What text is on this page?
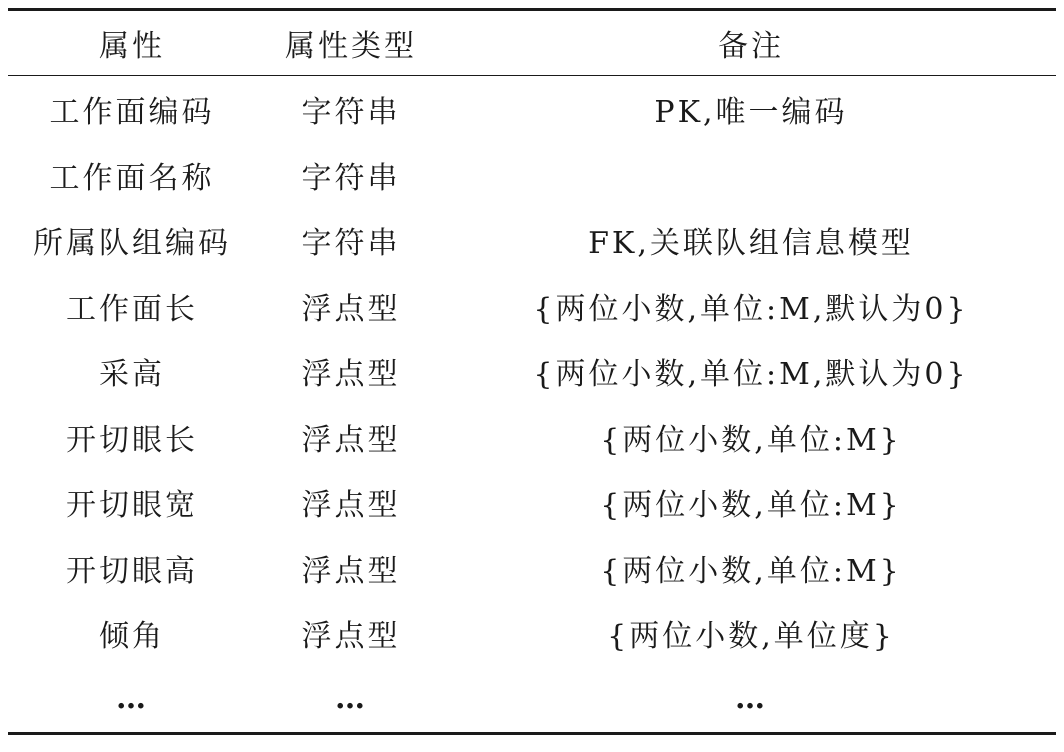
属性	属性类型	备注
工作面编码	字符串	PK,唯一编码
工作面名称	字符串	
所属队组编码	字符串	FK,关联队组信息模型
工作面长	浮点型	{两位小数,单位:M,默认为0}
采高	浮点型	{两位小数,单位:M,默认为0}
开切眼长	浮点型	{两位小数,单位:M}
开切眼宽	浮点型	{两位小数,单位:M}
开切眼高	浮点型	{两位小数,单位:M}
倾角	浮点型	{两位小数,单位度}
…	…	…
